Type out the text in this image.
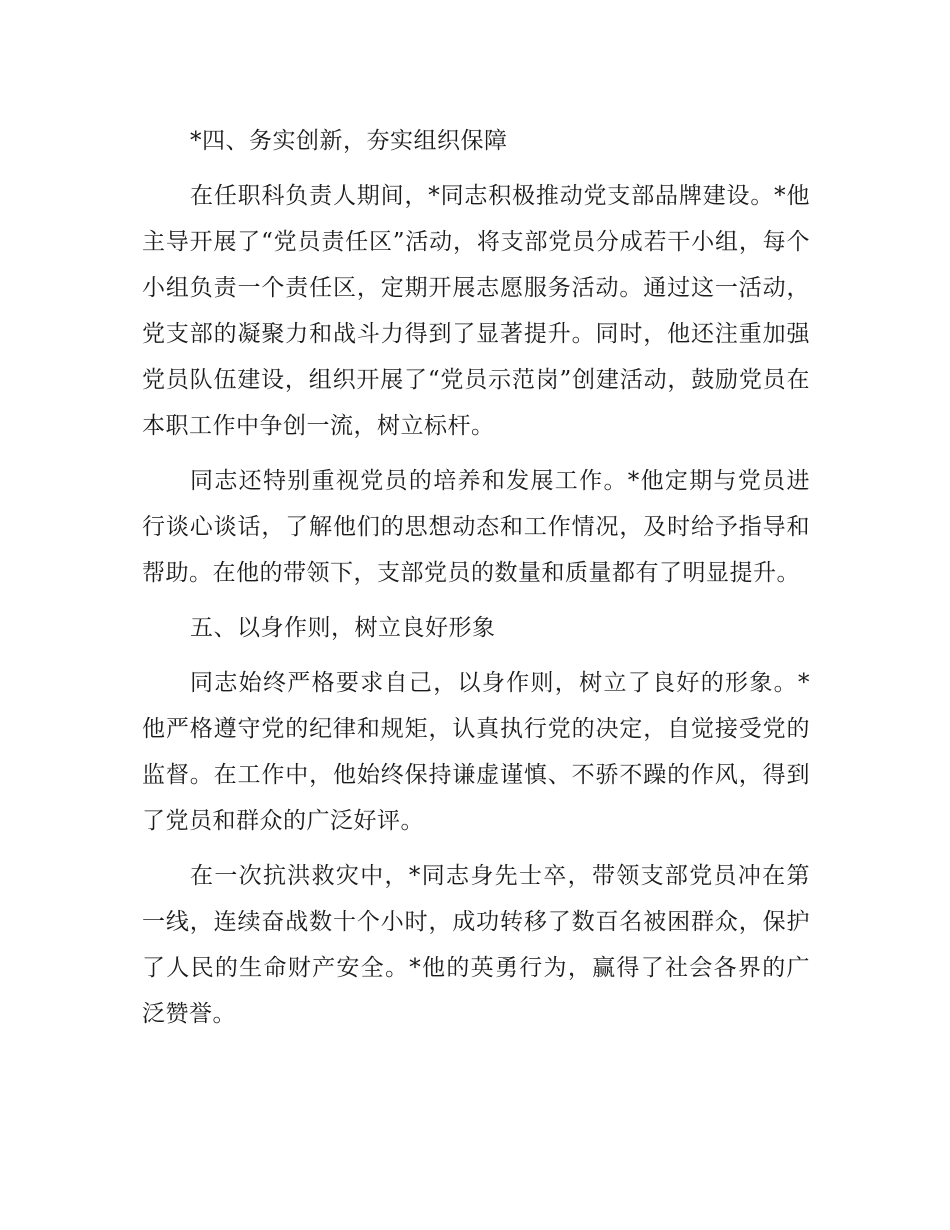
*四、务实创新，夯实组织保障

在任职科负责人期间，*同志积极推动党支部品牌建设。*他主导开展了“党员责任区”活动，将支部党员分成若干小组，每个小组负责一个责任区，定期开展志愿服务活动。通过这一活动，党支部的凝聚力和战斗力得到了显著提升。同时，他还注重加强党员队伍建设，组织开展了“党员示范岗”创建活动，鼓励党员在本职工作中争创一流，树立标杆。

同志还特别重视党员的培养和发展工作。*他定期与党员进行谈心谈话，了解他们的思想动态和工作情况，及时给予指导和帮助。在他的带领下，支部党员的数量和质量都有了明显提升。

五、以身作则，树立良好形象

同志始终严格要求自己，以身作则，树立了良好的形象。*他严格遵守党的纪律和规矩，认真执行党的决定，自觉接受党的监督。在工作中，他始终保持谦虚谨慎、不骄不躁的作风，得到了党员和群众的广泛好评。

在一次抗洪救灾中，*同志身先士卒，带领支部党员冲在第一线，连续奋战数十个小时，成功转移了数百名被困群众，保护了人民的生命财产安全。*他的英勇行为，赢得了社会各界的广泛赞誉。
